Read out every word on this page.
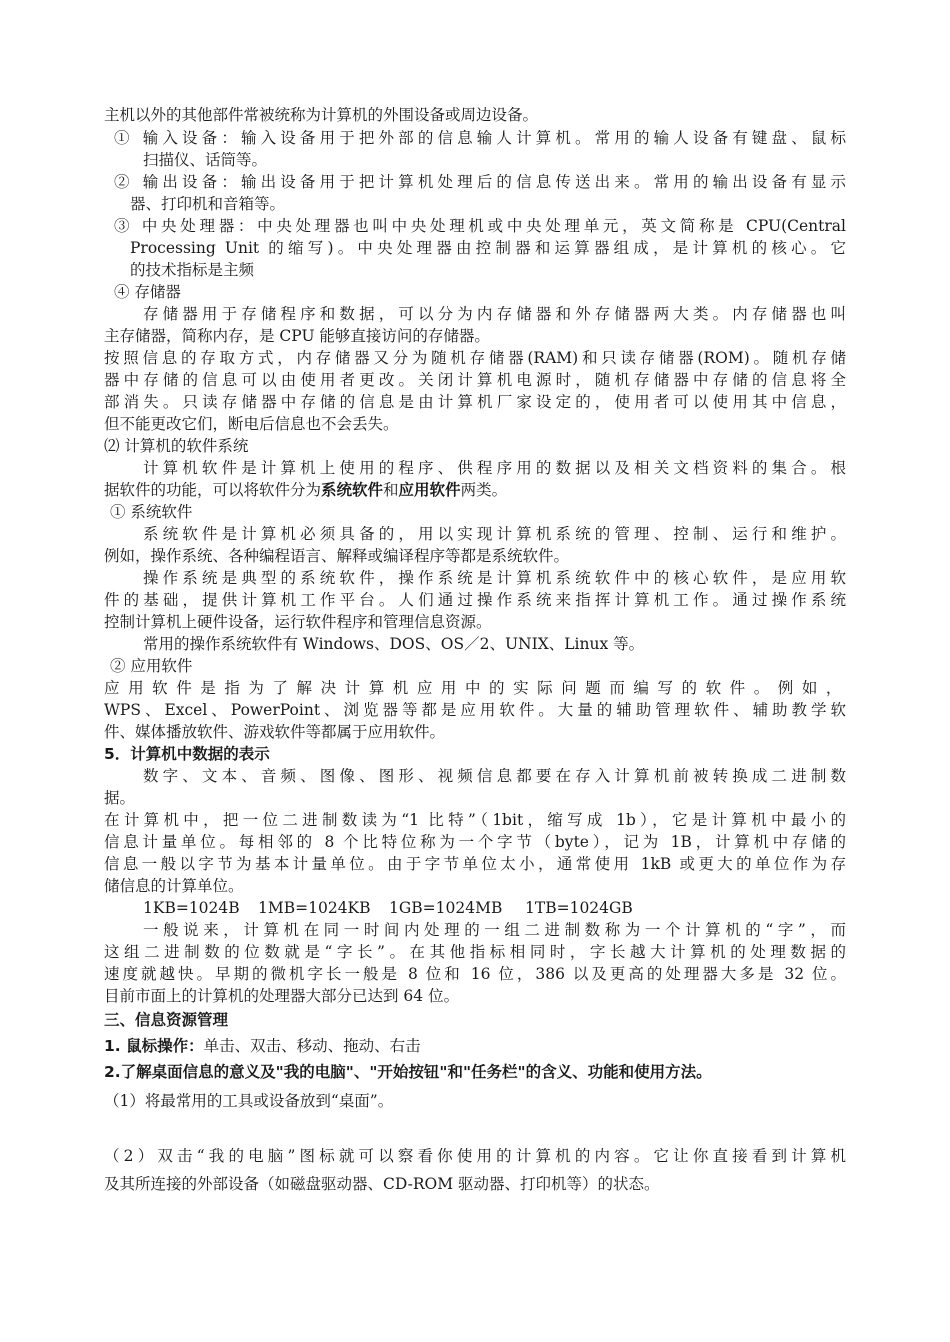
主机以外的其他部件常被统称为计算机的外围设备或周边设备。
① 输入设备：输入设备用于把外部的信息输人计算机。常用的输人设备有键盘、鼠标
扫描仪、话筒等。
② 输出设备：输出设备用于把计算机处理后的信息传送出来。常用的输出设备有显示
器、打印机和音箱等。
③ 中央处理器：中央处理器也叫中央处理机或中央处理单元，英文简称是 CPU(Central
Processing Unit 的缩写)。中央处理器由控制器和运算器组成，是计算机的核心。它
的技术指标是主频
④ 存储器
存储器用于存储程序和数据，可以分为内存储器和外存储器两大类。内存储器也叫
主存储器，简称内存，是 CPU 能够直接访问的存储器。
按照信息的存取方式，内存储器又分为随机存储器(RAM)和只读存储器(ROM)。随机存储
器中存储的信息可以由使用者更改。关闭计算机电源时，随机存储器中存储的信息将全
部消失。只读存储器中存储的信息是由计算机厂家设定的，使用者可以使用其中信息，
但不能更改它们，断电后信息也不会丢失。
⑵ 计算机的软件系统
计算机软件是计算机上使用的程序、供程序用的数据以及相关文档资料的集合。根
据软件的功能，可以将软件分为系统软件和应用软件两类。
① 系统软件
系统软件是计算机必须具备的，用以实现计算机系统的管理、控制、运行和维护。
例如，操作系统、各种编程语言、解释或编译程序等都是系统软件。
操作系统是典型的系统软件，操作系统是计算机系统软件中的核心软件，是应用软
件的基础，提供计算机工作平台。人们通过操作系统来指挥计算机工作。通过操作系统
控制计算机上硬件设备，运行软件程序和管理信息资源。
常用的操作系统软件有 Windows、DOS、OS／2、UNIX、Linux 等。
② 应用软件
应用软件是指为了解决计算机应用中的实际问题而编写的软件。例如，
WPS、Excel、PowerPoint、浏览器等都是应用软件。大量的辅助管理软件、辅助教学软
件、媒体播放软件、游戏软件等都属于应用软件。
5．计算机中数据的表示
数字、文本、音频、图像、图形、视频信息都要在存入计算机前被转换成二进制数
据。
在计算机中，把一位二进制数读为“1 比特”（1bit，缩写成 1b），它是计算机中最小的
信息计量单位。每相邻的 8 个比特位称为一个字节（byte），记为 1B，计算机中存储的
信息一般以字节为基本计量单位。由于字节单位太小，通常使用 1kB 或更大的单位作为存
储信息的计算单位。
1KB=1024B	1MB=1024KB	1GB=1024MB	1TB=1024GB
一般说来，计算机在同一时间内处理的一组二进制数称为一个计算机的“字”，而
这组二进制数的位数就是“字长”。在其他指标相同时，字长越大计算机的处理数据的
速度就越快。早期的微机字长一般是 8 位和 16 位，386 以及更高的处理器大多是 32 位。
目前市面上的计算机的处理器大部分已达到 64 位。
三、信息资源管理
1. 鼠标操作：单击、双击、移动、拖动、右击
2.了解桌面信息的意义及"我的电脑"、"开始按钮"和"任务栏"的含义、功能和使用方法。
（1）将最常用的工具或设备放到“桌面”。
（2）双击“我的电脑”图标就可以察看你使用的计算机的内容。它让你直接看到计算机
及其所连接的外部设备（如磁盘驱动器、CD-ROM 驱动器、打印机等）的状态。
